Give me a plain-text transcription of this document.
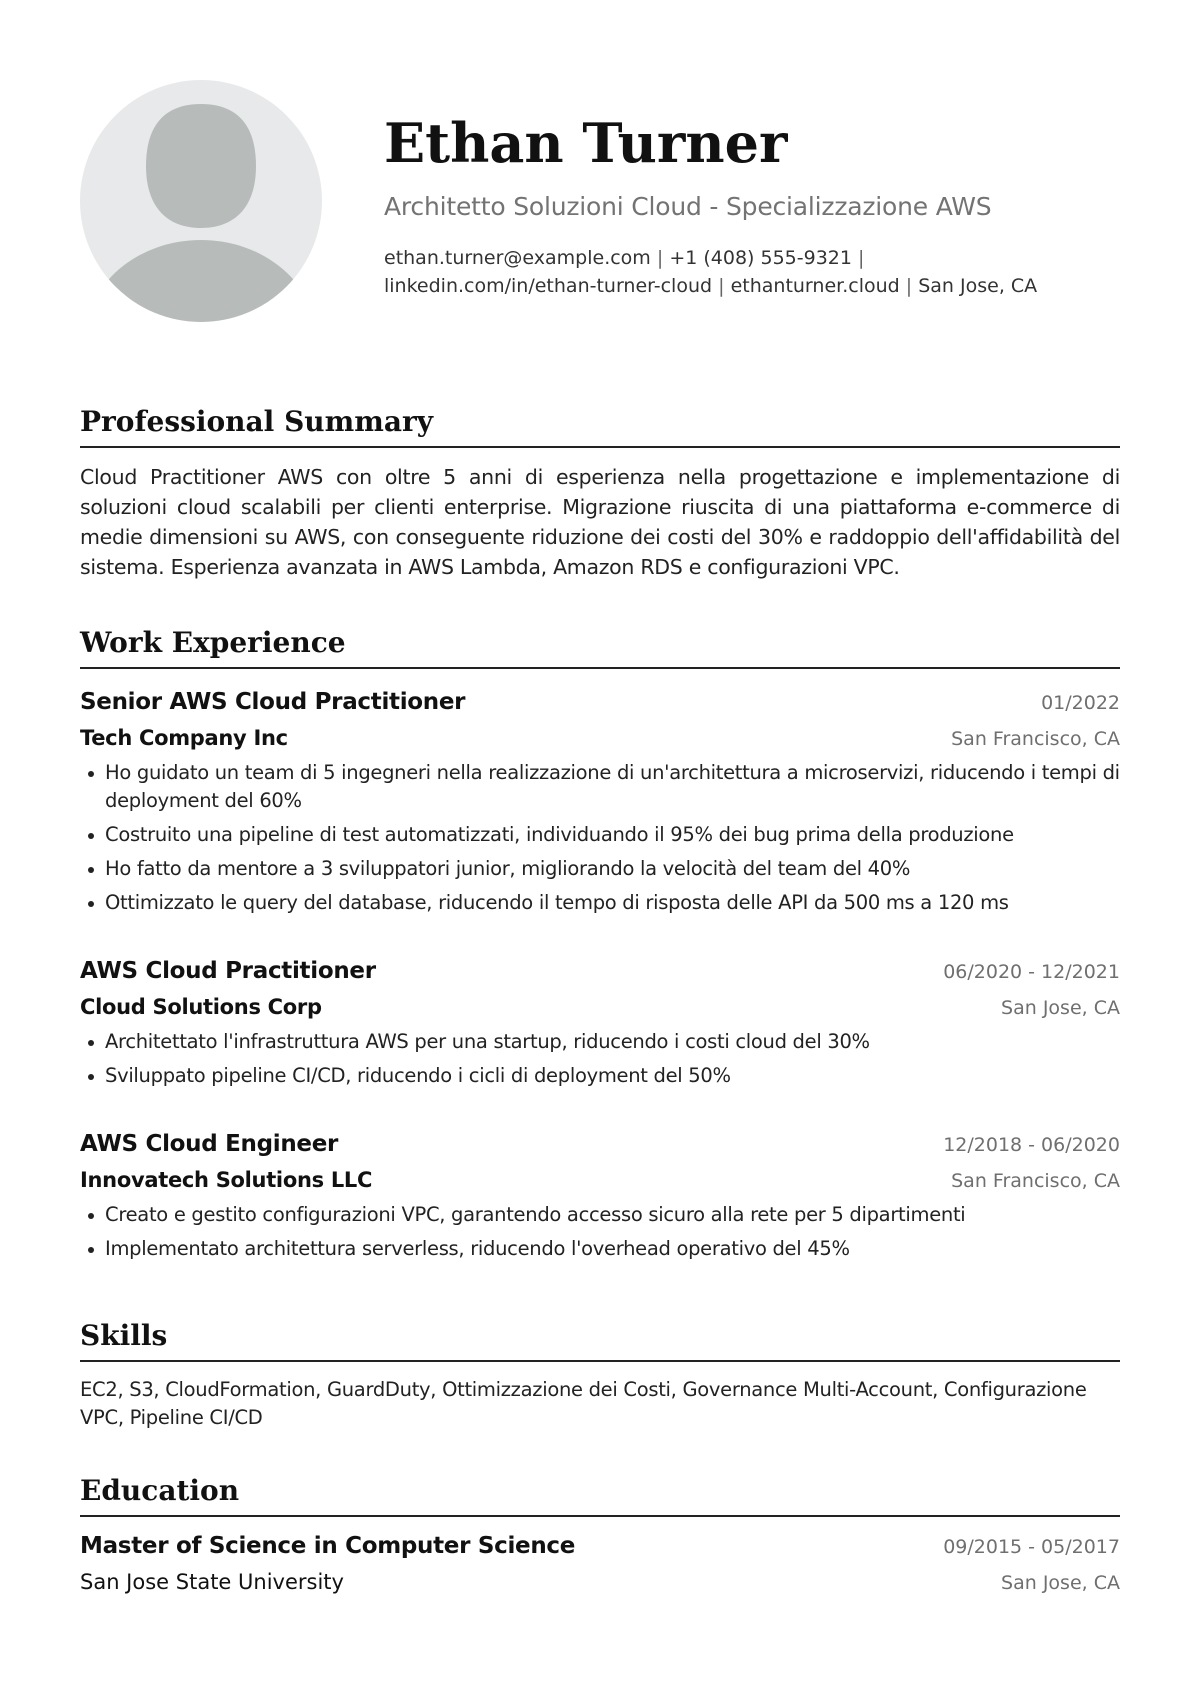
Ethan Turner
Architetto Soluzioni Cloud - Specializzazione AWS

ethan.turner@example.com | +1 (408) 555-9321 |
linkedin.com/in/ethan-turner-cloud | ethanturner.cloud | San Jose, CA

Professional Summary

Cloud Practitioner AWS con oltre 5 anni di esperienza nella progettazione e implementazione di soluzioni cloud scalabili per clienti enterprise. Migrazione riuscita di una piattaforma e-commerce di medie dimensioni su AWS, con conseguente riduzione dei costi del 30% e raddoppio dell'affidabilità del sistema. Esperienza avanzata in AWS Lambda, Amazon RDS e configurazioni VPC.

Work Experience
Senior AWS Cloud Practitioner	01/2022
Tech Company Inc	San Francisco, CA
Ho guidato un team di 5 ingegneri nella realizzazione di un'architettura a microservizi, riducendo i tempi di deployment del 60%
Costruito una pipeline di test automatizzati, individuando il 95% dei bug prima della produzione
Ho fatto da mentore a 3 sviluppatori junior, migliorando la velocità del team del 40%
Ottimizzato le query del database, riducendo il tempo di risposta delle API da 500 ms a 120 ms
AWS Cloud Practitioner	06/2020 - 12/2021
Cloud Solutions Corp	San Jose, CA
Architettato l'infrastruttura AWS per una startup, riducendo i costi cloud del 30%
Sviluppato pipeline CI/CD, riducendo i cicli di deployment del 50%
AWS Cloud Engineer	12/2018 - 06/2020
Innovatech Solutions LLC	San Francisco, CA
Creato e gestito configurazioni VPC, garantendo accesso sicuro alla rete per 5 dipartimenti
Implementato architettura serverless, riducendo l'overhead operativo del 45%
Skills

EC2, S3, CloudFormation, GuardDuty, Ottimizzazione dei Costi, Governance Multi-Account, Configurazione VPC, Pipeline CI/CD

Education
Master of Science in Computer Science	09/2015 - 05/2017
San Jose State University	San Jose, CA
